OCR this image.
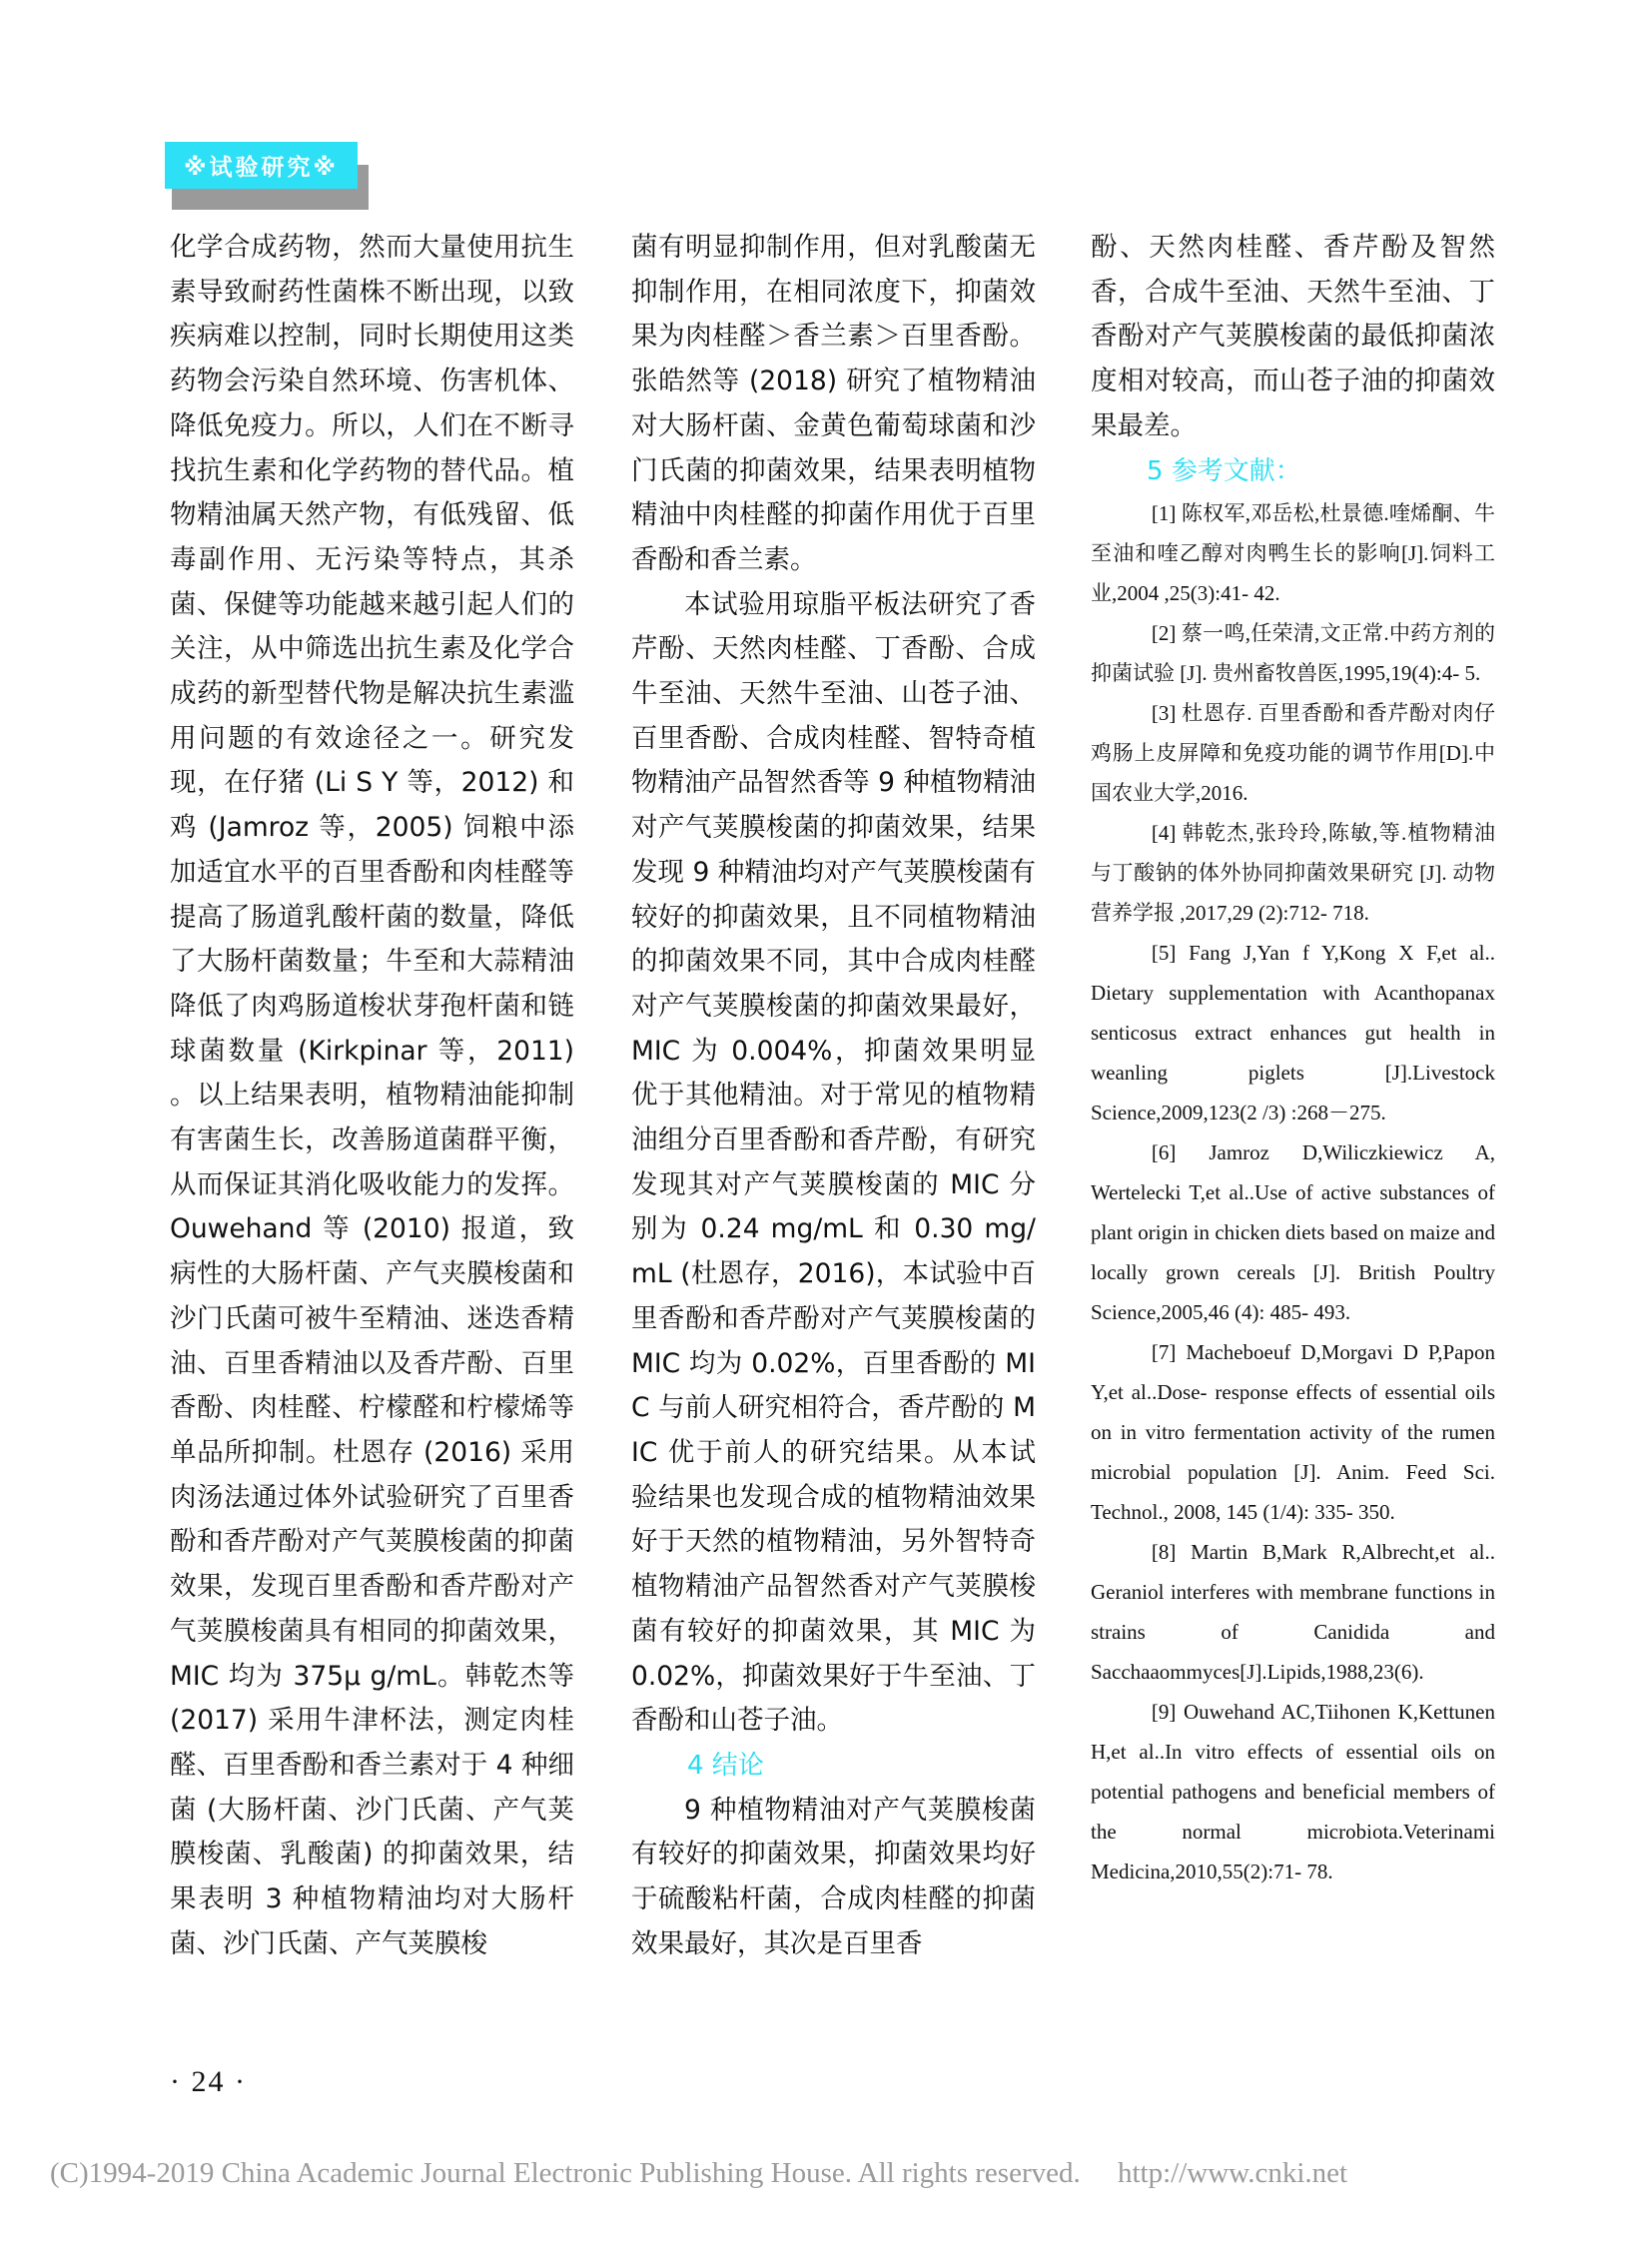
※试验研究※

化学合成药物，然而大量使用抗生素导致耐药性菌株不断出现，以致疾病难以控制，同时长期使用这类药物会污染自然环境、伤害机体、降低免疫力。所以，人们在不断寻找抗生素和化学药物的替代品。植物精油属天然产物，有低残留、低毒副作用、无污染等特点，其杀菌、保健等功能越来越引起人们的关注，从中筛选出抗生素及化学合成药的新型替代物是解决抗生素滥用问题的有效途径之一。研究发现，在仔猪 (Li S Y 等，2012) 和鸡 (Jamroz 等，2005) 饲粮中添加适宜水平的百里香酚和肉桂醛等提高了肠道乳酸杆菌的数量，降低了大肠杆菌数量；牛至和大蒜精油降低了肉鸡肠道梭状芽孢杆菌和链球菌数量 (Kirkpinar 等，2011) 。以上结果表明，植物精油能抑制有害菌生长，改善肠道菌群平衡，从而保证其消化吸收能力的发挥。Ouwehand 等 (2010) 报道，致病性的大肠杆菌、产气夹膜梭菌和沙门氏菌可被牛至精油、迷迭香精油、百里香精油以及香芹酚、百里香酚、肉桂醛、柠檬醛和柠檬烯等单品所抑制。杜恩存 (2016) 采用肉汤法通过体外试验研究了百里香酚和香芹酚对产气荚膜梭菌的抑菌效果，发现百里香酚和香芹酚对产气荚膜梭菌具有相同的抑菌效果，MIC 均为 375μ g/mL。韩乾杰等 (2017) 采用牛津杯法，测定肉桂醛、百里香酚和香兰素对于 4 种细菌 (大肠杆菌、沙门氏菌、产气荚膜梭菌、乳酸菌) 的抑菌效果，结果表明 3 种植物精油均对大肠杆菌、沙门氏菌、产气荚膜梭

菌有明显抑制作用，但对乳酸菌无抑制作用，在相同浓度下，抑菌效果为肉桂醛＞香兰素＞百里香酚。张皓然等 (2018) 研究了植物精油对大肠杆菌、金黄色葡萄球菌和沙门氏菌的抑菌效果，结果表明植物精油中肉桂醛的抑菌作用优于百里香酚和香兰素。

本试验用琼脂平板法研究了香芹酚、天然肉桂醛、丁香酚、合成牛至油、天然牛至油、山苍子油、百里香酚、合成肉桂醛、智特奇植物精油产品智然香等 9 种植物精油对产气荚膜梭菌的抑菌效果，结果发现 9 种精油均对产气荚膜梭菌有较好的抑菌效果，且不同植物精油的抑菌效果不同，其中合成肉桂醛对产气荚膜梭菌的抑菌效果最好，MIC 为 0.004%，抑菌效果明显优于其他精油。对于常见的植物精油组分百里香酚和香芹酚，有研究发现其对产气荚膜梭菌的 MIC 分别为 0.24 mg/mL 和 0.30 mg/mL (杜恩存，2016)，本试验中百里香酚和香芹酚对产气荚膜梭菌的 MIC 均为 0.02%，百里香酚的 MIC 与前人研究相符合，香芹酚的 MIC 优于前人的研究结果。从本试验结果也发现合成的植物精油效果好于天然的植物精油，另外智特奇植物精油产品智然香对产气荚膜梭菌有较好的抑菌效果，其 MIC 为 0.02%，抑菌效果好于牛至油、丁香酚和山苍子油。

4 结论

9 种植物精油对产气荚膜梭菌有较好的抑菌效果，抑菌效果均好于硫酸粘杆菌，合成肉桂醛的抑菌效果最好，其次是百里香

酚、天然肉桂醛、香芹酚及智然香，合成牛至油、天然牛至油、丁香酚对产气荚膜梭菌的最低抑菌浓度相对较高，而山苍子油的抑菌效果最差。

5 参考文献：

[1] 陈权军,邓岳松,杜景德.喹烯酮、牛至油和喹乙醇对肉鸭生长的影响[J].饲料工业,2004 ,25(3):41- 42.

[2] 蔡一鸣,任荣清,文正常.中药方剂的抑菌试验 [J]. 贵州畜牧兽医,1995,19(4):4- 5.

[3] 杜恩存. 百里香酚和香芹酚对肉仔鸡肠上皮屏障和免疫功能的调节作用[D].中国农业大学,2016.

[4] 韩乾杰,张玲玲,陈敏,等.植物精油与丁酸钠的体外协同抑菌效果研究 [J]. 动物营养学报 ,2017,29 (2):712- 718.

[5] Fang J,Yan f Y,Kong X F,et al.. Dietary supplementation with Acanthopanax senticosus extract enhances gut health in weanling piglets [J].Livestock Science,2009,123(2 /3) :268－275.

[6] Jamroz D,Wiliczkiewicz A, Wertelecki T,et al..Use of active substances of plant origin in chicken diets based on maize and locally grown cereals [J]. British Poultry Science,2005,46 (4): 485- 493.

[7] Macheboeuf D,Morgavi D P,Papon Y,et al..Dose- response effects of essential oils on in vitro fermentation activity of the rumen microbial population [J]. Anim. Feed Sci. Technol., 2008, 145 (1/4): 335- 350.

[8] Martin B,Mark R,Albrecht,et al.. Geraniol interferes with membrane functions in strains of Canidida and Sacchaaommyces[J].Lipids,1988,23(6).

[9] Ouwehand AC,Tiihonen K,Kettunen H,et al..In vitro effects of essential oils on potential pathogens and beneficial members of the normal microbiota.Veterinami Medicina,2010,55(2):71- 78.

· 24 ·
(C)1994-2019 China Academic Journal Electronic Publishing House. All rights reserved. http://www.cnki.net
